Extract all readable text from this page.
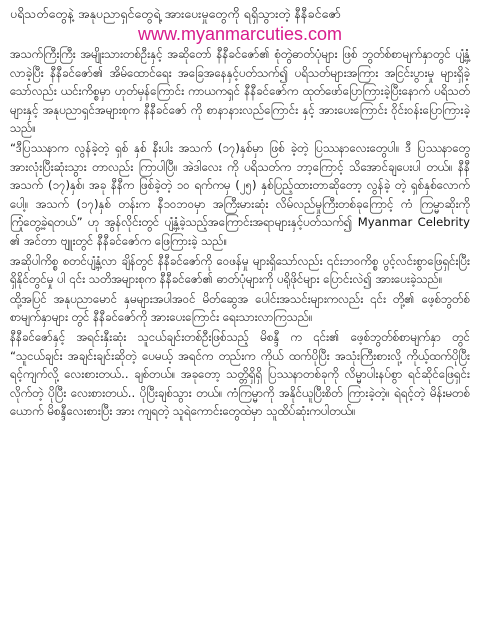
ပရိသတ်တွေနဲ့ အနုပညာရှင်တွေရဲ့ အားပေးမှုတွေကို ရရှိသွားတဲ့ နီနီခင်ဇော်
www.myanmarcuties.com

အသက်ကြီးကြီး အမျိုးသားတစ်ဦးနှင့် အဆိုတော် နီနီခင်ဇော်၏ စုံတွဲဓာတ်ပုံများ ဖြစ် ဘွတ်စ်စာမျက်နှာတွင် ပျံ့နှံ့လာခဲ့ပြီး နီနီခင်ဇော်၏ အိမ်ထောင်ရေး အခြေအနေနှင့်ပတ်သက်၍ ပရိသတ်များအကြား အငြင်းပွားမှု များရှိခဲ့သော်လည်း ယင်းကိစ္စမှာ ဟုတ်မှန်ကြောင်း ကာယကရှင် နီနီခင်ဇော်က ထုတ်ဖော်ပြောကြားခဲ့ပြီးနောက် ပရိသတ်များနှင့် အနုပညာရှင်အများစုက နီနီခင်ဇော် ကို စာနာနားလည်ကြောင်း နှင့် အားပေးကြောင်း ဝိုင်းဝန်းပြောကြားခဲ့သည်။

“ဒီပြဿနာက လွန်ခဲ့တဲ့ ရှစ် နှစ် နီးပါး အသက် (၁၇)နှစ်မှာ ဖြစ် ခဲ့တဲ့ ပြဿနာလေးတွေပါ။ ဒီ ပြဿနာတွေအားလုံးပြီးဆုံးသွား တာလည်း ကြာပါပြီ။ အဲဒါလေး ကို ပရိသတ်က ဘာ့ကြောင့် သိအောင်ချပေးပါ တယ်။ နီနီ အသက် (၁၇)နှစ်၊ အခု နီနီက ဖြစ်ခဲ့တဲ့ ၁၀ ရက်ကမှ (၂၅) နှစ်ပြည့်ထားတာဆိုတော့ လွန်ခဲ့ တဲ့ ရှစ်နှစ်လောက်ပေါ့။ အသက် (၁၇)နှစ် တန်းက နီ၁၀ဘဝမှာ အကြီးမားဆုံး လိမ်လည်မှုကြီးတစ်ခုကြောင့် ကံ ကြမ္မာဆိုးကို ကြုံတွေ့ခဲ့ရတယ်” ဟု အွန်လိုင်းတွင် ပျံ့နှံ့ခဲ့သည့်အကြောင်းအရာများနှင့်ပတ်သက်၍ Myanmar Celebrity ၏ အင်တာ ဗျူးတွင် နီနီခင်ဇော်က ဖြေကြားခဲ့ သည်။

အဆိုပါကိစ္စ စတင်ပျံ့နှံ့လာ ချိန်တွင် နီနီခင်ဇော်ကို ဝေဖန်မှု များရှိသော်လည်း ၎င်းဘဝကိစ္စ ပွင့်လင်းစွာဖြေရှင်းပြီးရှိနိုင်တွင်မှု ပါ ၎င်း သတိအများစုက နီနီခင်ဇော်၏ ဓာတ်ပုံများကို ပရိုဖိုင်များ ပြောင်းလဲ၍ အားပေးခဲ့သည်။

ထို့အပြင် အနုပညာမောင် နှမများအပါအဝင် မိတ်ဆွေအ ပေါင်းအသင်းများကလည်း ၎င်း တို့၏ ဖေ့စ်ဘွတ်စ်စာမျက်နှာများ တွင် နီနီခင်ဇော်ကို အားပေးကြောင်း ရေးသားလာကြသည်။

နီနီခင်ဇော်နှင့် အရင်းနှီးဆုံး သူငယ်ချင်းတစ်ဦးဖြစ်သည့် မိစန္ဒီ က ၎င်း၏ ဖေ့စ်ဘွတ်စ်စာမျက်နှာ တွင် “သူငယ်ချင်း အချင်းချင်းဆိုတဲ့ ပေမယ့် အရင်က တည်းက ကိုယ် ထက်ပိုပြီး အသုံးကြီးစားလို့ ကိုယ့်ထက်ပိုပြီး ရင့်ကျက်လို့ လေးစားတယ်.. ချစ်တယ်။ အခုတော့ သတ္တိရှိရှိ ပြဿနာတစ်ခုကို လိမ္မာပါးနပ်စွာ ရင်ဆိုင်ဖြေရှင်းလိုက်တဲ့ ပိုပြီး လေးစားတယ်.. ပိုပြီးချစ်သွား တယ်။ ကံကြမ္မာကို အနိုင်ယူပြီးစိတ် ကြားခဲ့တဲ့။ ရဲရင့်တဲ့ မိန်းမတစ် ယောက် မိစန္ဒီလေးစားပြီး အား ကျရတဲ့ သူရဲကောင်းတွေထဲမှာ သူထိပ်ဆုံးကပါတယ်။
